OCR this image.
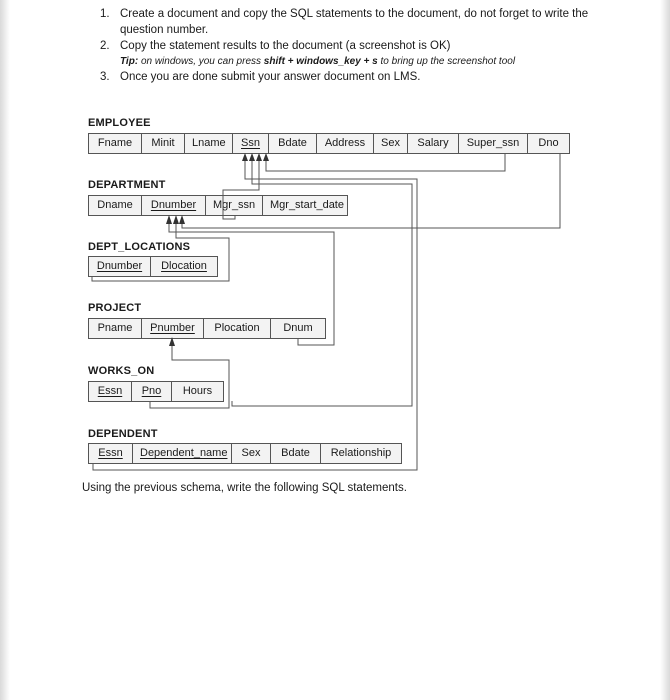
1. Create a document and copy the SQL statements to the document, do not forget to write the question number.
2. Copy the statement results to the document (a screenshot is OK)
Tip: on windows, you can press shift + windows_key + s to bring up the screenshot tool
3. Once you are done submit your answer document on LMS.
EMPLOYEE
Fname	Minit	Lname	Ssn	Bdate	Address	Sex	Salary	Super_ssn	Dno
DEPARTMENT
Dname	Dnumber	Mgr_ssn	Mgr_start_date
DEPT_LOCATIONS
Dnumber	Dlocation
PROJECT
Pname	Pnumber	Plocation	Dnum
WORKS_ON
Essn	Pno	Hours
DEPENDENT
Essn	Dependent_name	Sex	Bdate	Relationship
Using the previous schema, write the following SQL statements.
